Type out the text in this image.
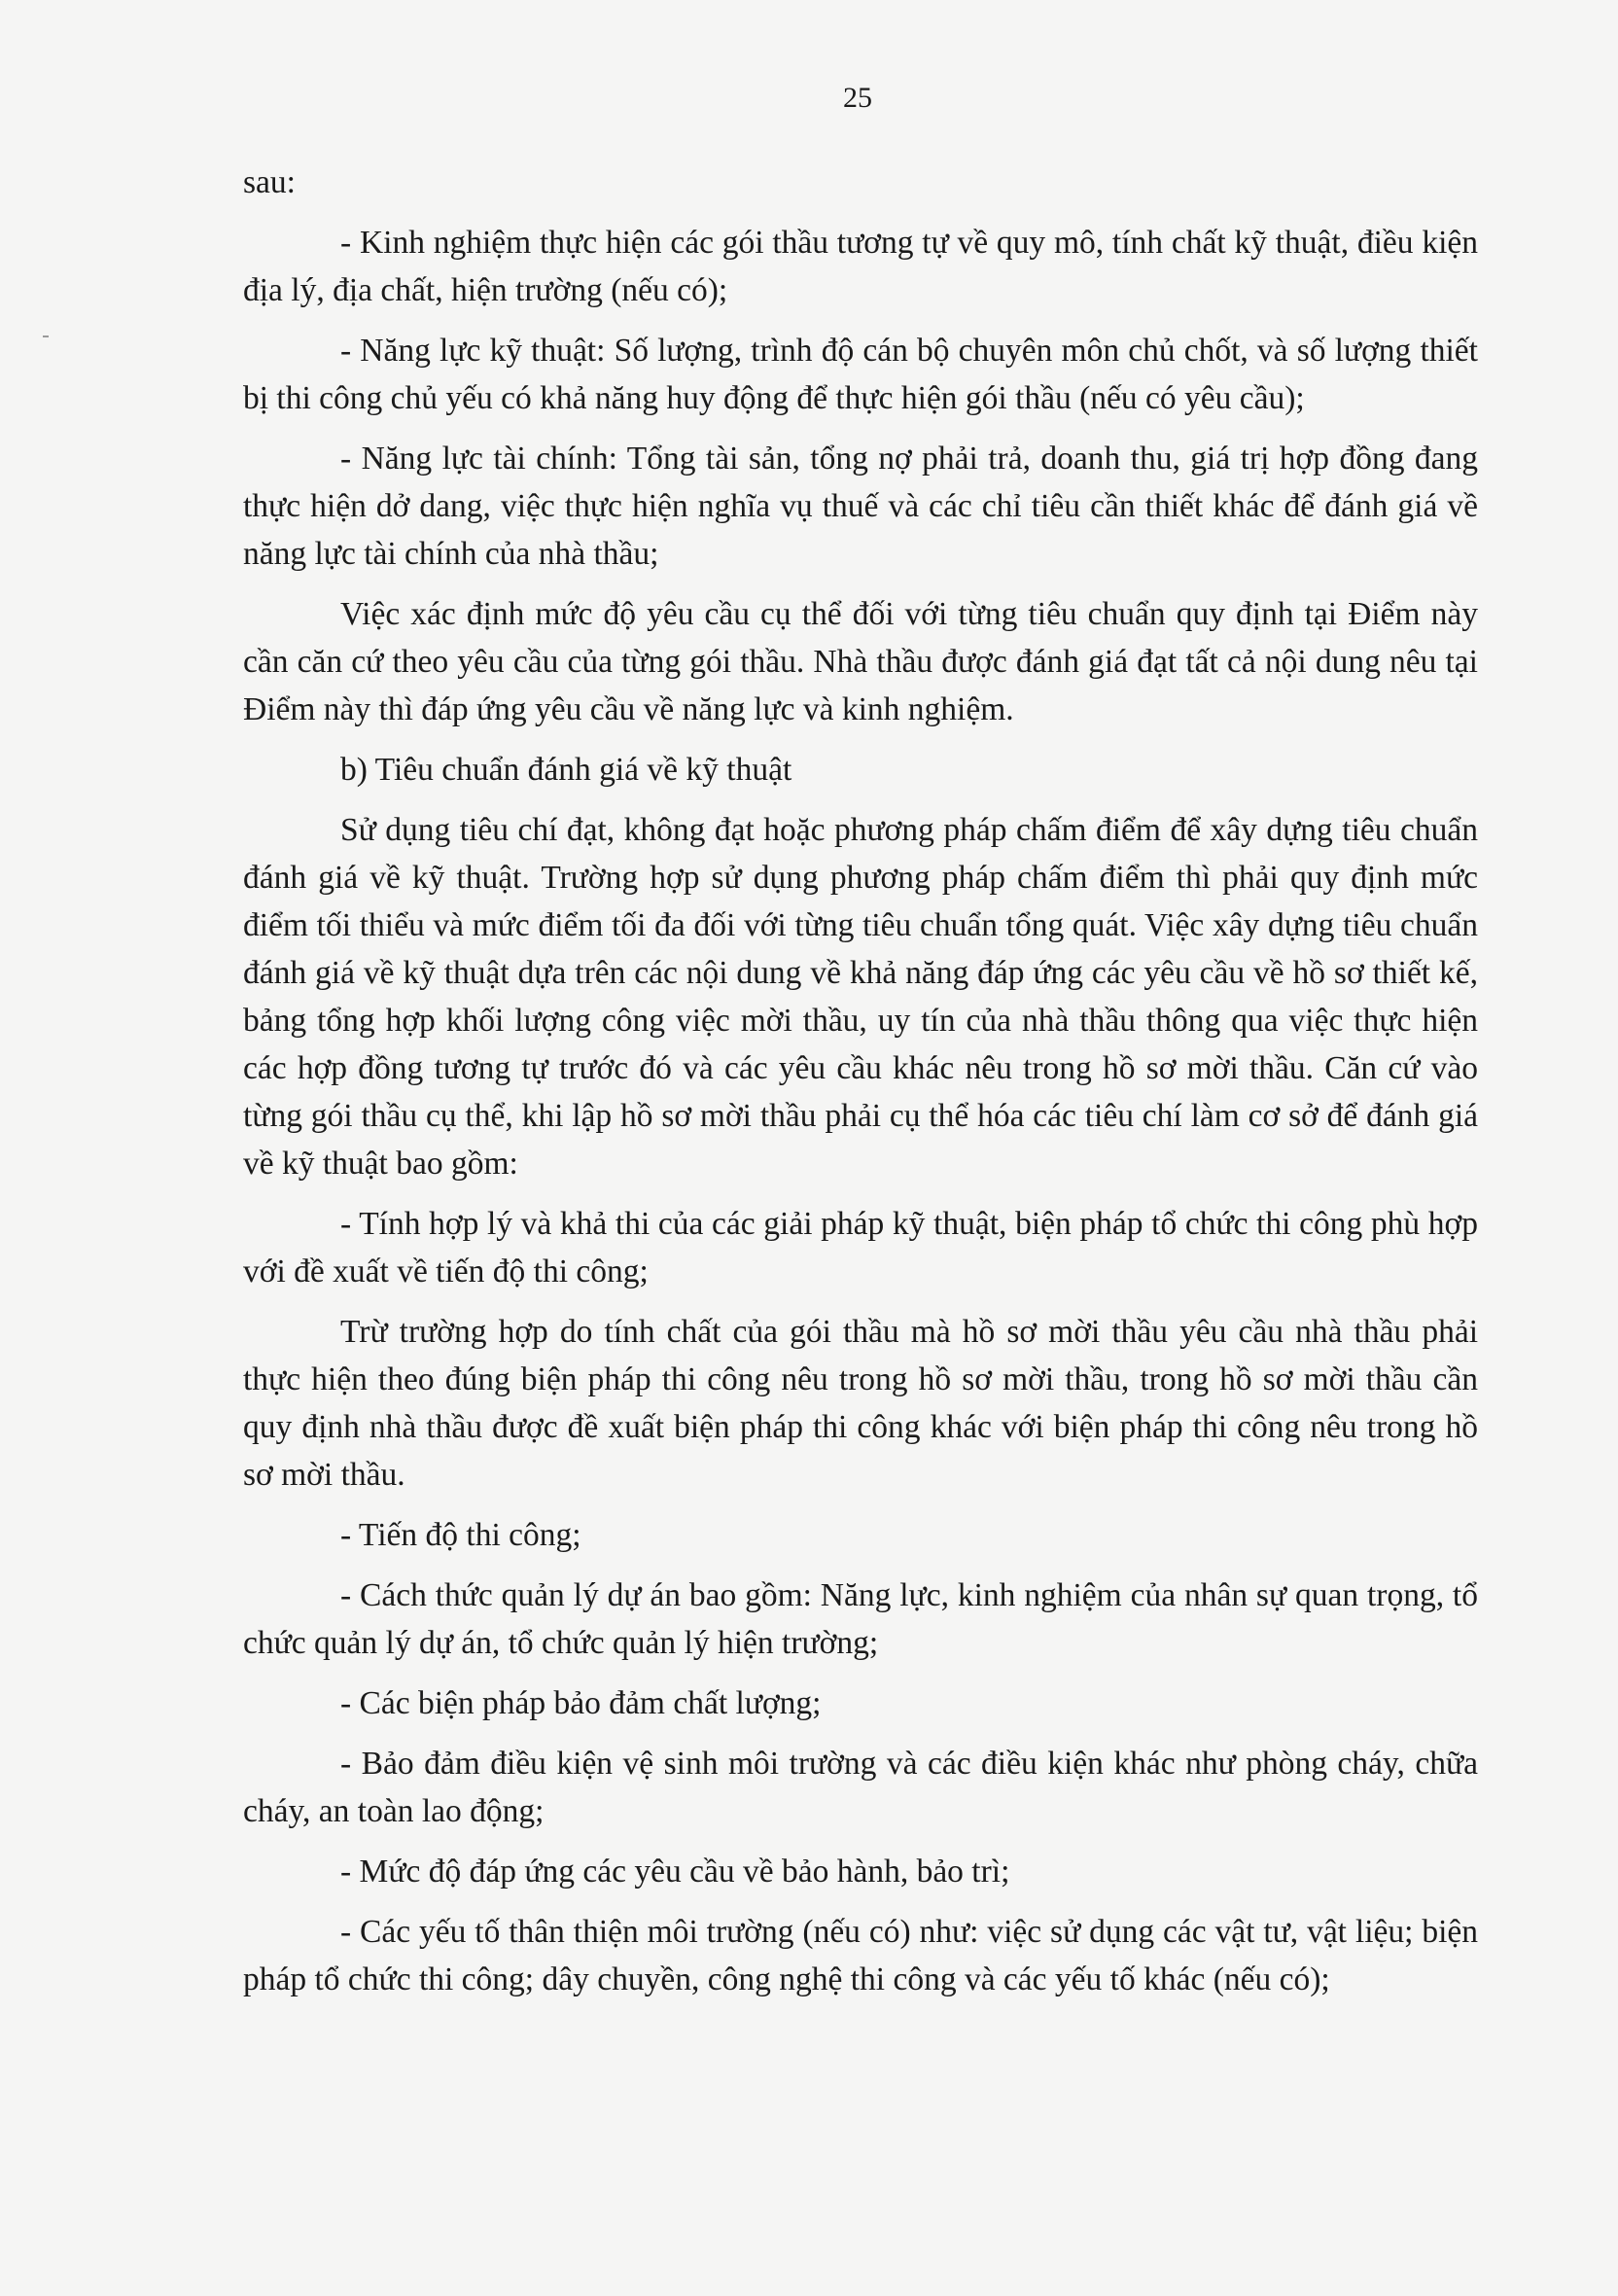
25

sau:

- Kinh nghiệm thực hiện các gói thầu tương tự về quy mô, tính chất kỹ thuật, điều kiện địa lý, địa chất, hiện trường (nếu có);

- Năng lực kỹ thuật: Số lượng, trình độ cán bộ chuyên môn chủ chốt, và số lượng thiết bị thi công chủ yếu có khả năng huy động để thực hiện gói thầu (nếu có yêu cầu);

- Năng lực tài chính: Tổng tài sản, tổng nợ phải trả, doanh thu, giá trị hợp đồng đang thực hiện dở dang, việc thực hiện nghĩa vụ thuế và các chỉ tiêu cần thiết khác để đánh giá về năng lực tài chính của nhà thầu;

Việc xác định mức độ yêu cầu cụ thể đối với từng tiêu chuẩn quy định tại Điểm này cần căn cứ theo yêu cầu của từng gói thầu. Nhà thầu được đánh giá đạt tất cả nội dung nêu tại Điểm này thì đáp ứng yêu cầu về năng lực và kinh nghiệm.

b) Tiêu chuẩn đánh giá về kỹ thuật

Sử dụng tiêu chí đạt, không đạt hoặc phương pháp chấm điểm để xây dựng tiêu chuẩn đánh giá về kỹ thuật. Trường hợp sử dụng phương pháp chấm điểm thì phải quy định mức điểm tối thiểu và mức điểm tối đa đối với từng tiêu chuẩn tổng quát. Việc xây dựng tiêu chuẩn đánh giá về kỹ thuật dựa trên các nội dung về khả năng đáp ứng các yêu cầu về hồ sơ thiết kế, bảng tổng hợp khối lượng công việc mời thầu, uy tín của nhà thầu thông qua việc thực hiện các hợp đồng tương tự trước đó và các yêu cầu khác nêu trong hồ sơ mời thầu. Căn cứ vào từng gói thầu cụ thể, khi lập hồ sơ mời thầu phải cụ thể hóa các tiêu chí làm cơ sở để đánh giá về kỹ thuật bao gồm:

- Tính hợp lý và khả thi của các giải pháp kỹ thuật, biện pháp tổ chức thi công phù hợp với đề xuất về tiến độ thi công;

Trừ trường hợp do tính chất của gói thầu mà hồ sơ mời thầu yêu cầu nhà thầu phải thực hiện theo đúng biện pháp thi công nêu trong hồ sơ mời thầu, trong hồ sơ mời thầu cần quy định nhà thầu được đề xuất biện pháp thi công khác với biện pháp thi công nêu trong hồ sơ mời thầu.

- Tiến độ thi công;

- Cách thức quản lý dự án bao gồm: Năng lực, kinh nghiệm của nhân sự quan trọng, tổ chức quản lý dự án, tổ chức quản lý hiện trường;

- Các biện pháp bảo đảm chất lượng;

- Bảo đảm điều kiện vệ sinh môi trường và các điều kiện khác như phòng cháy, chữa cháy, an toàn lao động;

- Mức độ đáp ứng các yêu cầu về bảo hành, bảo trì;

- Các yếu tố thân thiện môi trường (nếu có) như: việc sử dụng các vật tư, vật liệu; biện pháp tổ chức thi công; dây chuyền, công nghệ thi công và các yếu tố khác (nếu có);
